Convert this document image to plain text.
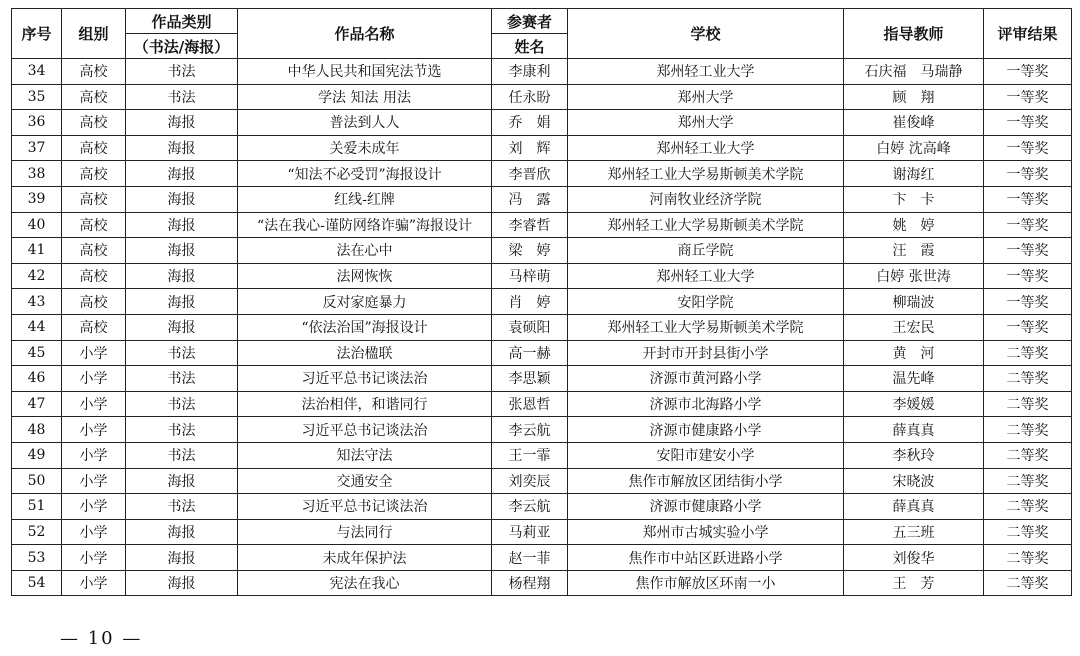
序号	组别	作品类别	作品名称	参赛者	学校	指导教师	评审结果
		（书法/海报）		姓名			
34	高校	书法	中华人民共和国宪法节选	李康利	郑州轻工业大学	石庆福　马瑞静	一等奖
35	高校	书法	学法 知法 用法	任永盼	郑州大学	顾　翔	一等奖
36	高校	海报	普法到人人	乔　娟	郑州大学	崔俊峰	一等奖
37	高校	海报	关爱未成年	刘　辉	郑州轻工业大学	白婷 沈高峰	一等奖
38	高校	海报	“知法不必受罚”海报设计	李晋欣	郑州轻工业大学易斯顿美术学院	谢海红	一等奖
39	高校	海报	红线-红牌	冯　露	河南牧业经济学院	卞　卡	一等奖
40	高校	海报	“法在我心-谨防网络诈骗”海报设计	李睿哲	郑州轻工业大学易斯顿美术学院	姚　婷	一等奖
41	高校	海报	法在心中	梁　婷	商丘学院	汪　霞	一等奖
42	高校	海报	法网恢恢	马梓萌	郑州轻工业大学	白婷 张世涛	一等奖
43	高校	海报	反对家庭暴力	肖　婷	安阳学院	柳瑞波	一等奖
44	高校	海报	“依法治国”海报设计	袁硕阳	郑州轻工业大学易斯顿美术学院	王宏民	一等奖
45	小学	书法	法治楹联	高一赫	开封市开封县街小学	黄　河	二等奖
46	小学	书法	习近平总书记谈法治	李思颖	济源市黄河路小学	温先峰	二等奖
47	小学	书法	法治相伴，和谐同行	张恩哲	济源市北海路小学	李媛媛	二等奖
48	小学	书法	习近平总书记谈法治	李云航	济源市健康路小学	薛真真	二等奖
49	小学	书法	知法守法	王一霏	安阳市建安小学	李秋玲	二等奖
50	小学	海报	交通安全	刘奕辰	焦作市解放区团结街小学	宋晓波	二等奖
51	小学	书法	习近平总书记谈法治	李云航	济源市健康路小学	薛真真	二等奖
52	小学	海报	与法同行	马莉亚	郑州市古城实验小学	五三班	二等奖
53	小学	海报	未成年保护法	赵一菲	焦作市中站区跃进路小学	刘俊华	二等奖
54	小学	海报	宪法在我心	杨程翔	焦作市解放区环南一小	王　芳	二等奖
— 10 —
